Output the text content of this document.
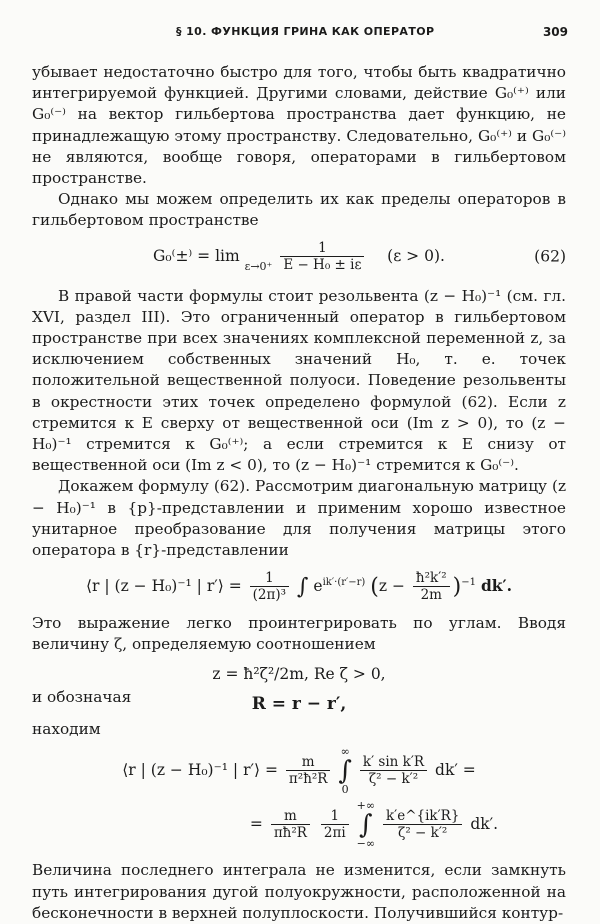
§ 10. ФУНКЦИЯ ГРИНА КАК ОПЕРАТОР	309

убывает недостаточно быстро для того, чтобы быть квадратично интегрируемой функцией. Другими словами, действие G₀⁽⁺⁾ или G₀⁽⁻⁾ на вектор гильбертова пространства дает функцию, не принадлежащую этому пространству. Следовательно, G₀⁽⁺⁾ и G₀⁽⁻⁾ не являются, вообще говоря, операторами в гильбертовом пространстве.

Однако мы можем определить их как пределы операторов в гильбертовом пространстве

G₀⁽±⁾ = lim
ε→0⁺
$\frac{1}{\text{E − H₀ ± iε}} (\varepsilon > 0)$.	(62)

В правой части формулы стоит резольвента (z − H₀)⁻¹ (см. гл. XVI, раздел III). Это ограниченный оператор в гильбертовом пространстве при всех значениях комплексной переменной z, за исключением собственных значений H₀, т. е. точек положительной вещественной полуоси. Поведение резольвенты в окрестности этих точек определено формулой (62). Если z стремится к E сверху от вещественной оси (Im z > 0), то (z − H₀)⁻¹ стремится к G₀⁽⁺⁾; а если стремится к E снизу от вещественной оси (Im z < 0), то (z − H₀)⁻¹ стремится к G₀⁽⁻⁾.

Докажем формулу (62). Рассмотрим диагональную матрицу (z − H₀)⁻¹ в {p}-представлении и применим хорошо известное унитарное преобразование для получения матрицы этого оператора в {r}-представлении

⟨r | (z − H₀)⁻¹ | r′⟩ = $\frac{1}{\text{(2π)³}}$ ∫ $e^{ik'\cdot(r'-r)}$ $(z - \frac{\text{ħ²k′²}}{2m} )^{-1}$ dk′.

Это выражение легко проинтегрировать по углам. Вводя величину ζ, определяемую соотношением

z = ħ²ζ²/2m, Re ζ > 0,

и обозначая	R = r − r′,

находим

⟨r | (z − H₀)⁻¹ | r′⟩ = $\frac{m}{\text{π²ħ²R}}$

∞
∫
0

$\frac{\text{k′ sin k′R}}{\text{ζ² − k′²}} dk'$ =
= $\frac{m}{\text{πħ²R}}$
$\frac{1}{2\pi i}$

+∞
∫
−∞

$\frac{k'e\^{}\{ik'R\}}{\text{ζ² − k′²}} dk'$.

Величина последнего интеграла не изменится, если замкнуть путь интегрирования дугой полуокружности, расположенной на бесконечности в верхней полуплоскости. Получившийся контур-
